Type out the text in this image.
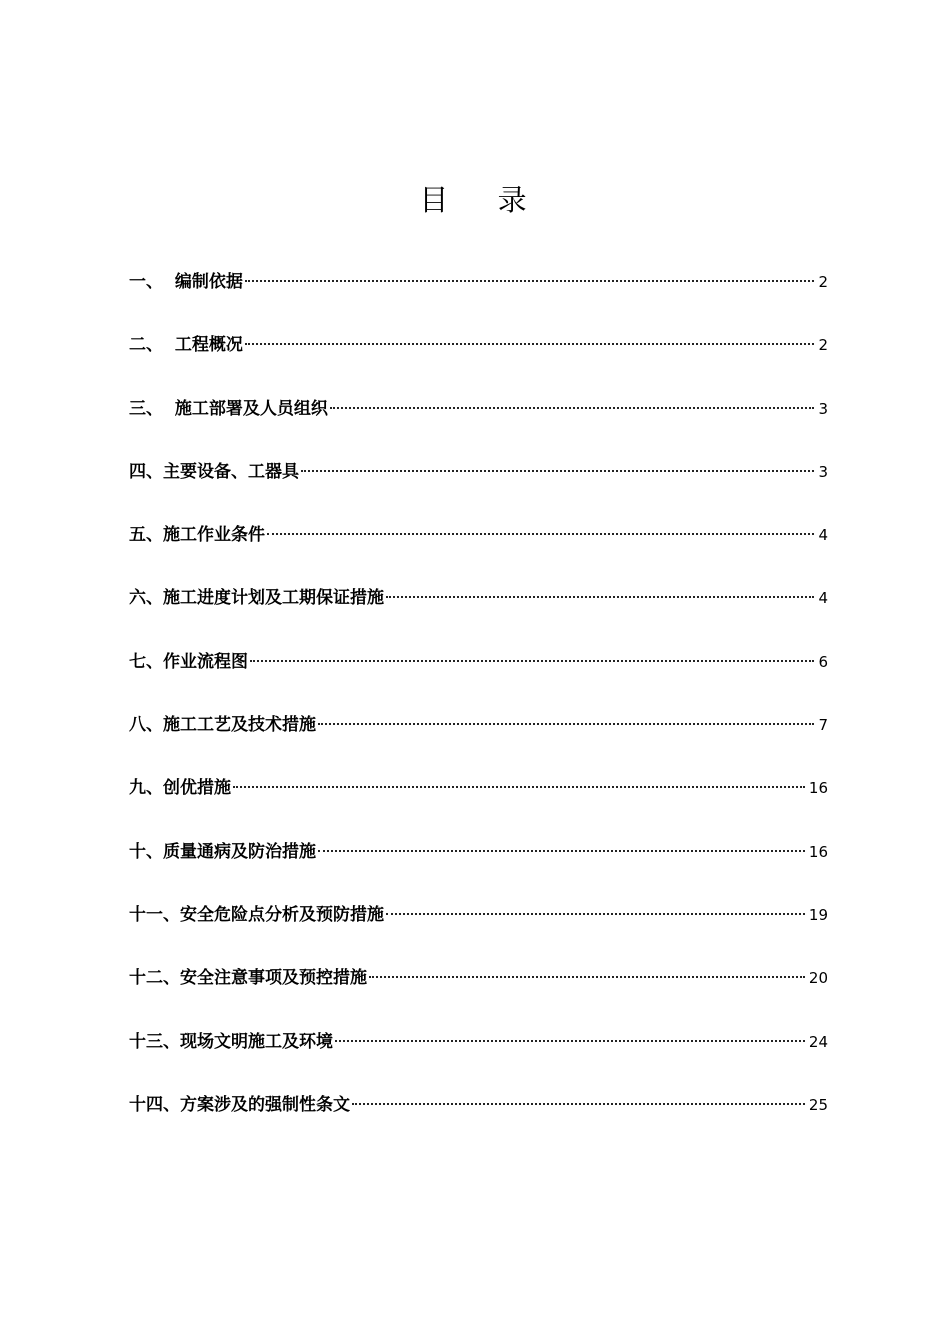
目 录
一、 编制依据	2
二、 工程概况	2
三、 施工部署及人员组织	3
四、 主要设备、工器具	3
五、 施工作业条件	4
六、 施工进度计划及工期保证措施	4
七、 作业流程图	6
八、 施工工艺及技术措施	7
九、 创优措施	16
十、 质量通病及防治措施	16
十一、 安全危险点分析及预防措施	19
十二、 安全注意事项及预控措施	20
十三、 现场文明施工及环境	24
十四、 方案涉及的强制性条文	25
